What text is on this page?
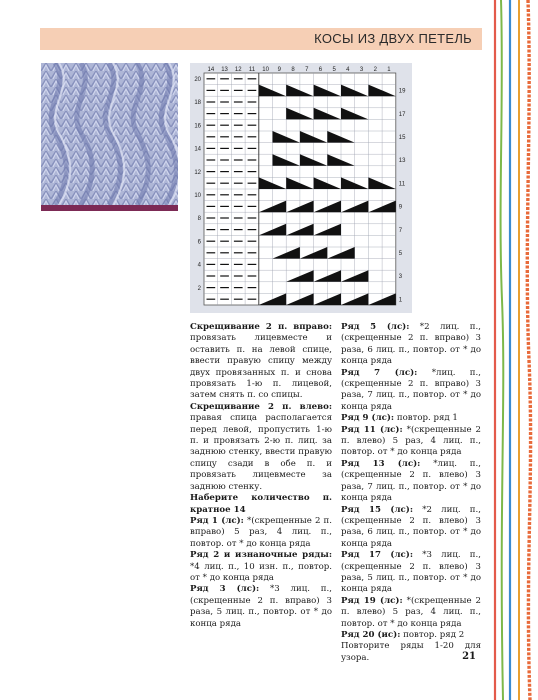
КОСЫ ИЗ ДВУХ ПЕТЕЛЬ
14 13 12 11 10 9 8 7 6 5 4 3 2 1
20
19
18
17
16
15
14
13
12
11
10
9
8
7
6
5
4
3
2
1

Скрещивание 2 п. вправо: провязать лицевместе и оставить п. на левой спице, ввести правую спицу между двух провязанных п. и снова провязать 1-ю п. лицевой, затем снять п. со спицы.

Скрещивание 2 п. влево: правая спица располагается перед левой, пропустить 1-ю п. и провязать 2-ю п. лиц. за заднюю стенку, ввести правую спицу сзади в обе п. и провязать лицевместе за заднюю стенку.

Наберите количество п. кратное 14

Ряд 1 (лс): *(скрещенные 2 п. вправо) 5 раз, 4 лиц. п., повтор. от * до конца ряда

Ряд 2 и изнаночные ряды: *4 лиц. п., 10 изн. п., повтор. от * до конца ряда

Ряд 3 (лс): *3 лиц. п., (скрещенные 2 п. вправо) 3 раза, 5 лиц. п., повтор. от * до конца ряда

Ряд 5 (лс): *2 лиц. п., (скрещенные 2 п. вправо) 3 раза, 6 лиц. п., повтор. от * до конца ряда

Ряд 7 (лс): *лиц. п., (скрещенные 2 п. вправо) 3 раза, 7 лиц. п., повтор. от * до конца ряда

Ряд 9 (лс): повтор. ряд 1

Ряд 11 (лс): *(скрещенные 2 п. влево) 5 раз, 4 лиц. п., повтор. от * до конца ряда

Ряд 13 (лс): *лиц. п., (скрещенные 2 п. влево) 3 раза, 7 лиц. п., повтор. от * до конца ряда

Ряд 15 (лс): *2 лиц. п., (скрещенные 2 п. влево) 3 раза, 6 лиц. п., повтор. от * до конца ряда

Ряд 17 (лс): *3 лиц. п., (скрещенные 2 п. влево) 3 раза, 5 лиц. п., повтор. от * до конца ряда

Ряд 19 (лс): *(скрещенные 2 п. влево) 5 раз, 4 лиц. п., повтор. от * до конца ряда

Ряд 20 (ис): повтор. ряд 2

Повторите ряды 1-20 для узора.	21
